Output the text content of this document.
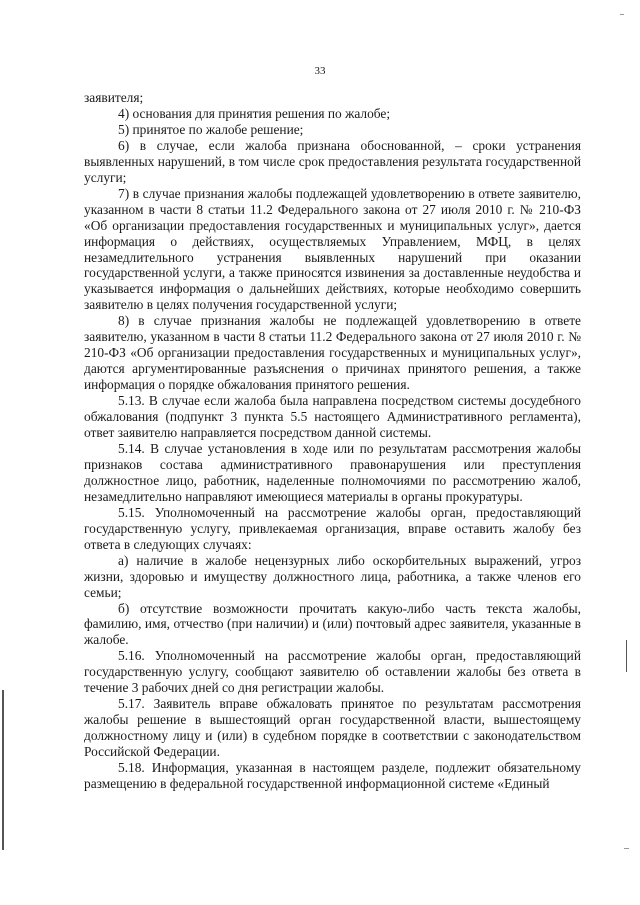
33

заявителя;

4) основания для принятия решения по жалобе;

5) принятое по жалобе решение;

6) в случае, если жалоба признана обоснованной, – сроки устранения выявленных нарушений, в том числе срок предоставления результата государственной услуги;

7) в случае признания жалобы подлежащей удовлетворению в ответе заявителю, указанном в части 8 статьи 11.2 Федерального закона от 27 июля 2010 г. № 210-ФЗ «Об организации предоставления государственных и муниципальных услуг», дается информация о действиях, осуществляемых Управлением, МФЦ, в целях незамедлительного устранения выявленных нарушений при оказании государственной услуги, а также приносятся извинения за доставленные неудобства и указывается информация о дальнейших действиях, которые необходимо совершить заявителю в целях получения государственной услуги;

8) в случае признания жалобы не подлежащей удовлетворению в ответе заявителю, указанном в части 8 статьи 11.2 Федерального закона от 27 июля 2010 г. № 210-ФЗ «Об организации предоставления государственных и муниципальных услуг», даются аргументированные разъяснения о причинах принятого решения, а также информация о порядке обжалования принятого решения.

5.13. В случае если жалоба была направлена посредством системы досудебного обжалования (подпункт 3 пункта 5.5 настоящего Административного регламента), ответ заявителю направляется посредством данной системы.

5.14. В случае установления в ходе или по результатам рассмотрения жалобы признаков состава административного правонарушения или преступления должностное лицо, работник, наделенные полномочиями по рассмотрению жалоб, незамедлительно направляют имеющиеся материалы в органы прокуратуры.

5.15. Уполномоченный на рассмотрение жалобы орган, предоставляющий государственную услугу, привлекаемая организация, вправе оставить жалобу без ответа в следующих случаях:

а) наличие в жалобе нецензурных либо оскорбительных выражений, угроз жизни, здоровью и имуществу должностного лица, работника, а также членов его семьи;

б) отсутствие возможности прочитать какую-либо часть текста жалобы, фамилию, имя, отчество (при наличии) и (или) почтовый адрес заявителя, указанные в жалобе.

5.16. Уполномоченный на рассмотрение жалобы орган, предоставляющий государственную услугу, сообщают заявителю об оставлении жалобы без ответа в течение 3 рабочих дней со дня регистрации жалобы.

5.17. Заявитель вправе обжаловать принятое по результатам рассмотрения жалобы решение в вышестоящий орган государственной власти, вышестоящему должностному лицу и (или) в судебном порядке в соответствии с законодательством Российской Федерации.

5.18. Информация, указанная в настоящем разделе, подлежит обязательному размещению в федеральной государственной информационной системе «Единый
